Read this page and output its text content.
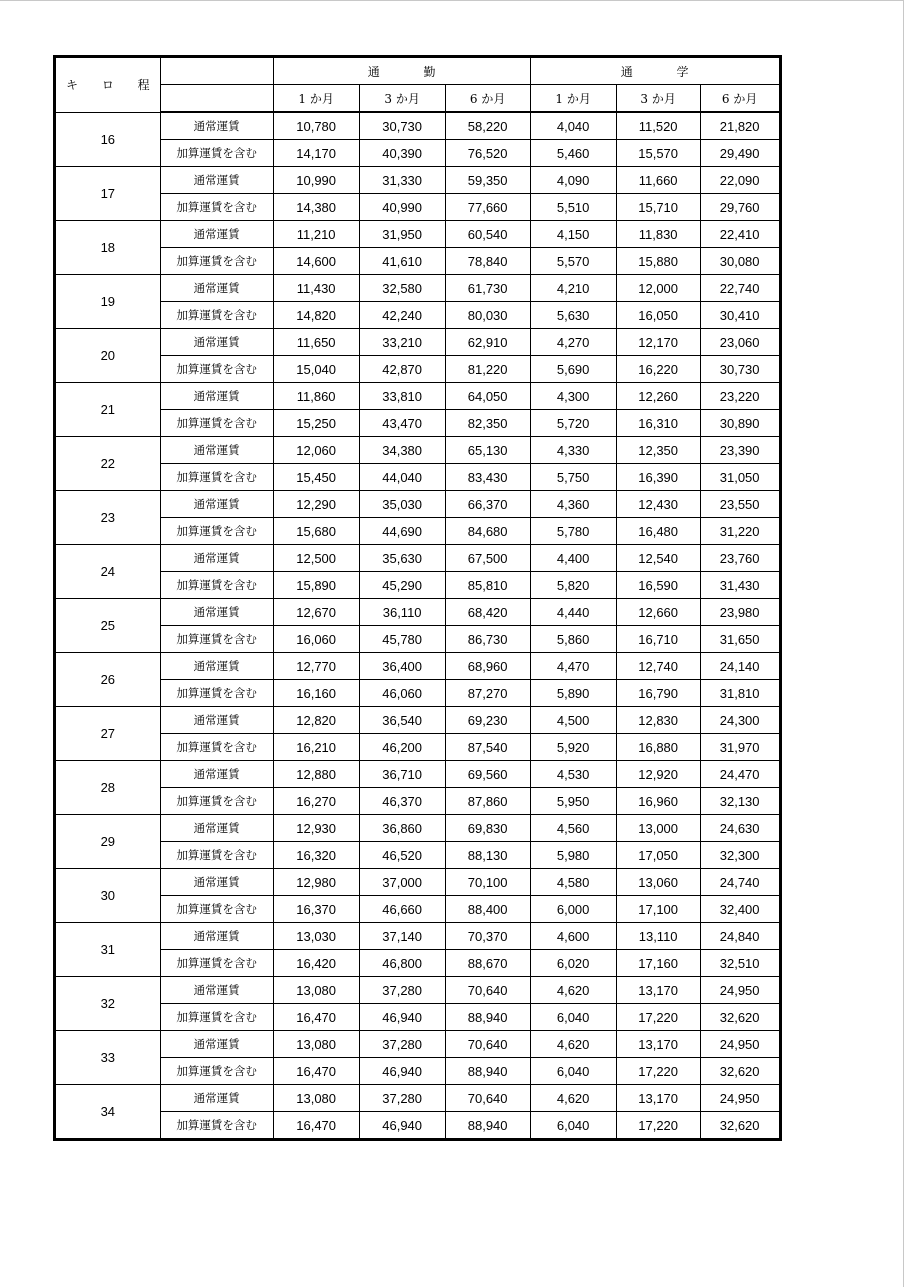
キ ロ 程		通 勤			通 学		
		1 か月	3 か月	6 か月	1 か月	3 か月	6 か月
16	通常運賃	10,780	30,730	58,220	4,040	11,520	21,820
	加算運賃を含む	14,170	40,390	76,520	5,460	15,570	29,490
17	通常運賃	10,990	31,330	59,350	4,090	11,660	22,090
	加算運賃を含む	14,380	40,990	77,660	5,510	15,710	29,760
18	通常運賃	11,210	31,950	60,540	4,150	11,830	22,410
	加算運賃を含む	14,600	41,610	78,840	5,570	15,880	30,080
19	通常運賃	11,430	32,580	61,730	4,210	12,000	22,740
	加算運賃を含む	14,820	42,240	80,030	5,630	16,050	30,410
20	通常運賃	11,650	33,210	62,910	4,270	12,170	23,060
	加算運賃を含む	15,040	42,870	81,220	5,690	16,220	30,730
21	通常運賃	11,860	33,810	64,050	4,300	12,260	23,220
	加算運賃を含む	15,250	43,470	82,350	5,720	16,310	30,890
22	通常運賃	12,060	34,380	65,130	4,330	12,350	23,390
	加算運賃を含む	15,450	44,040	83,430	5,750	16,390	31,050
23	通常運賃	12,290	35,030	66,370	4,360	12,430	23,550
	加算運賃を含む	15,680	44,690	84,680	5,780	16,480	31,220
24	通常運賃	12,500	35,630	67,500	4,400	12,540	23,760
	加算運賃を含む	15,890	45,290	85,810	5,820	16,590	31,430
25	通常運賃	12,670	36,110	68,420	4,440	12,660	23,980
	加算運賃を含む	16,060	45,780	86,730	5,860	16,710	31,650
26	通常運賃	12,770	36,400	68,960	4,470	12,740	24,140
	加算運賃を含む	16,160	46,060	87,270	5,890	16,790	31,810
27	通常運賃	12,820	36,540	69,230	4,500	12,830	24,300
	加算運賃を含む	16,210	46,200	87,540	5,920	16,880	31,970
28	通常運賃	12,880	36,710	69,560	4,530	12,920	24,470
	加算運賃を含む	16,270	46,370	87,860	5,950	16,960	32,130
29	通常運賃	12,930	36,860	69,830	4,560	13,000	24,630
	加算運賃を含む	16,320	46,520	88,130	5,980	17,050	32,300
30	通常運賃	12,980	37,000	70,100	4,580	13,060	24,740
	加算運賃を含む	16,370	46,660	88,400	6,000	17,100	32,400
31	通常運賃	13,030	37,140	70,370	4,600	13,110	24,840
	加算運賃を含む	16,420	46,800	88,670	6,020	17,160	32,510
32	通常運賃	13,080	37,280	70,640	4,620	13,170	24,950
	加算運賃を含む	16,470	46,940	88,940	6,040	17,220	32,620
33	通常運賃	13,080	37,280	70,640	4,620	13,170	24,950
	加算運賃を含む	16,470	46,940	88,940	6,040	17,220	32,620
34	通常運賃	13,080	37,280	70,640	4,620	13,170	24,950
	加算運賃を含む	16,470	46,940	88,940	6,040	17,220	32,620
